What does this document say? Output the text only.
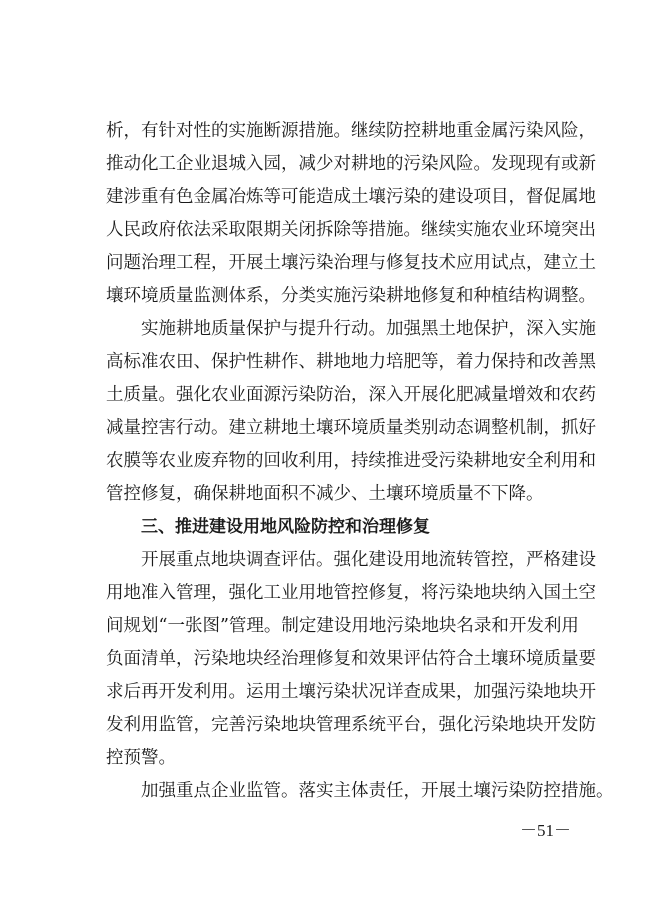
析，有针对性的实施断源措施。继续防控耕地重金属污染风险，
推动化工企业退城入园，减少对耕地的污染风险。发现现有或新
建涉重有色金属冶炼等可能造成土壤污染的建设项目，督促属地
人民政府依法采取限期关闭拆除等措施。继续实施农业环境突出
问题治理工程，开展土壤污染治理与修复技术应用试点，建立土
壤环境质量监测体系，分类实施污染耕地修复和种植结构调整。
实施耕地质量保护与提升行动。加强黑土地保护，深入实施
高标准农田、保护性耕作、耕地地力培肥等，着力保持和改善黑
土质量。强化农业面源污染防治，深入开展化肥减量增效和农药
减量控害行动。建立耕地土壤环境质量类别动态调整机制，抓好
农膜等农业废弃物的回收利用，持续推进受污染耕地安全利用和
管控修复，确保耕地面积不减少、土壤环境质量不下降。
三、推进建设用地风险防控和治理修复
开展重点地块调查评估。强化建设用地流转管控，严格建设
用地准入管理，强化工业用地管控修复，将污染地块纳入国土空
间规划“一张图”管理。制定建设用地污染地块名录和开发利用
负面清单，污染地块经治理修复和效果评估符合土壤环境质量要
求后再开发利用。运用土壤污染状况详查成果，加强污染地块开
发利用监管，完善污染地块管理系统平台，强化污染地块开发防
控预警。
加强重点企业监管。落实主体责任，开展土壤污染防控措施。
－51－
